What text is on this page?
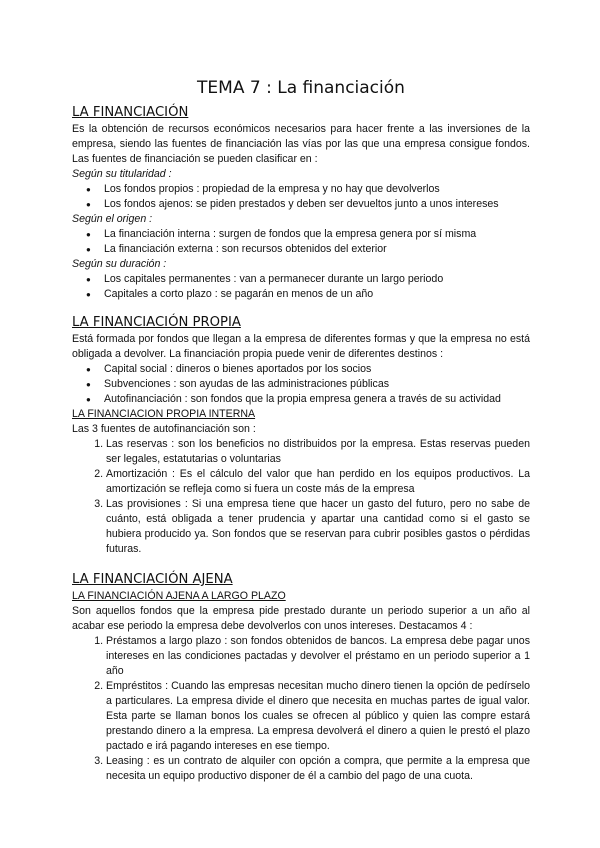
TEMA 7 : La financiación
LA FINANCIACIÓN

Es la obtención de recursos económicos necesarios para hacer frente a las inversiones de la empresa, siendo las fuentes de financiación las vías por las que una empresa consigue fondos. Las fuentes de financiación se pueden clasificar en :

Según su titularidad :
● Los fondos propios : propiedad de la empresa y no hay que devolverlos
● Los fondos ajenos: se piden prestados y deben ser devueltos junto a unos intereses
Según el origen :
● La financiación interna : surgen de fondos que la empresa genera por sí misma
● La financiación externa : son recursos obtenidos del exterior
Según su duración :
● Los capitales permanentes : van a permanecer durante un largo periodo
● Capitales a corto plazo : se pagarán en menos de un año
LA FINANCIACIÓN PROPIA

Está formada por fondos que llegan a la empresa de diferentes formas y que la empresa no está obligada a devolver. La financiación propia puede venir de diferentes destinos :

● Capital social : dineros o bienes aportados por los socios
● Subvenciones : son ayudas de las administraciones públicas
● Autofinanciación : son fondos que la propia empresa genera a través de su actividad
LA FINANCIACION PROPIA INTERNA

Las 3 fuentes de autofinanciación son :

1. Las reservas : son los beneficios no distribuidos por la empresa. Estas reservas pueden ser legales, estatutarias o voluntarias
2. Amortización : Es el cálculo del valor que han perdido en los equipos productivos. La amortización se refleja como si fuera un coste más de la empresa
3. Las provisiones : Si una empresa tiene que hacer un gasto del futuro, pero no sabe de cuánto, está obligada a tener prudencia y apartar una cantidad como si el gasto se hubiera producido ya. Son fondos que se reservan para cubrir posibles gastos o pérdidas futuras.
LA FINANCIACIÓN AJENA
LA FINANCIACIÓN AJENA A LARGO PLAZO

Son aquellos fondos que la empresa pide prestado durante un periodo superior a un año al acabar ese periodo la empresa debe devolverlos con unos intereses. Destacamos 4 :

1. Préstamos a largo plazo : son fondos obtenidos de bancos. La empresa debe pagar unos intereses en las condiciones pactadas y devolver el préstamo en un periodo superior a 1 año
2. Empréstitos : Cuando las empresas necesitan mucho dinero tienen la opción de pedírselo a particulares. La empresa divide el dinero que necesita en muchas partes de igual valor. Esta parte se llaman bonos los cuales se ofrecen al público y quien las compre estará prestando dinero a la empresa. La empresa devolverá el dinero a quien le prestó el plazo pactado e irá pagando intereses en ese tiempo.
3. Leasing : es un contrato de alquiler con opción a compra, que permite a la empresa que necesita un equipo productivo disponer de él a cambio del pago de una cuota.
